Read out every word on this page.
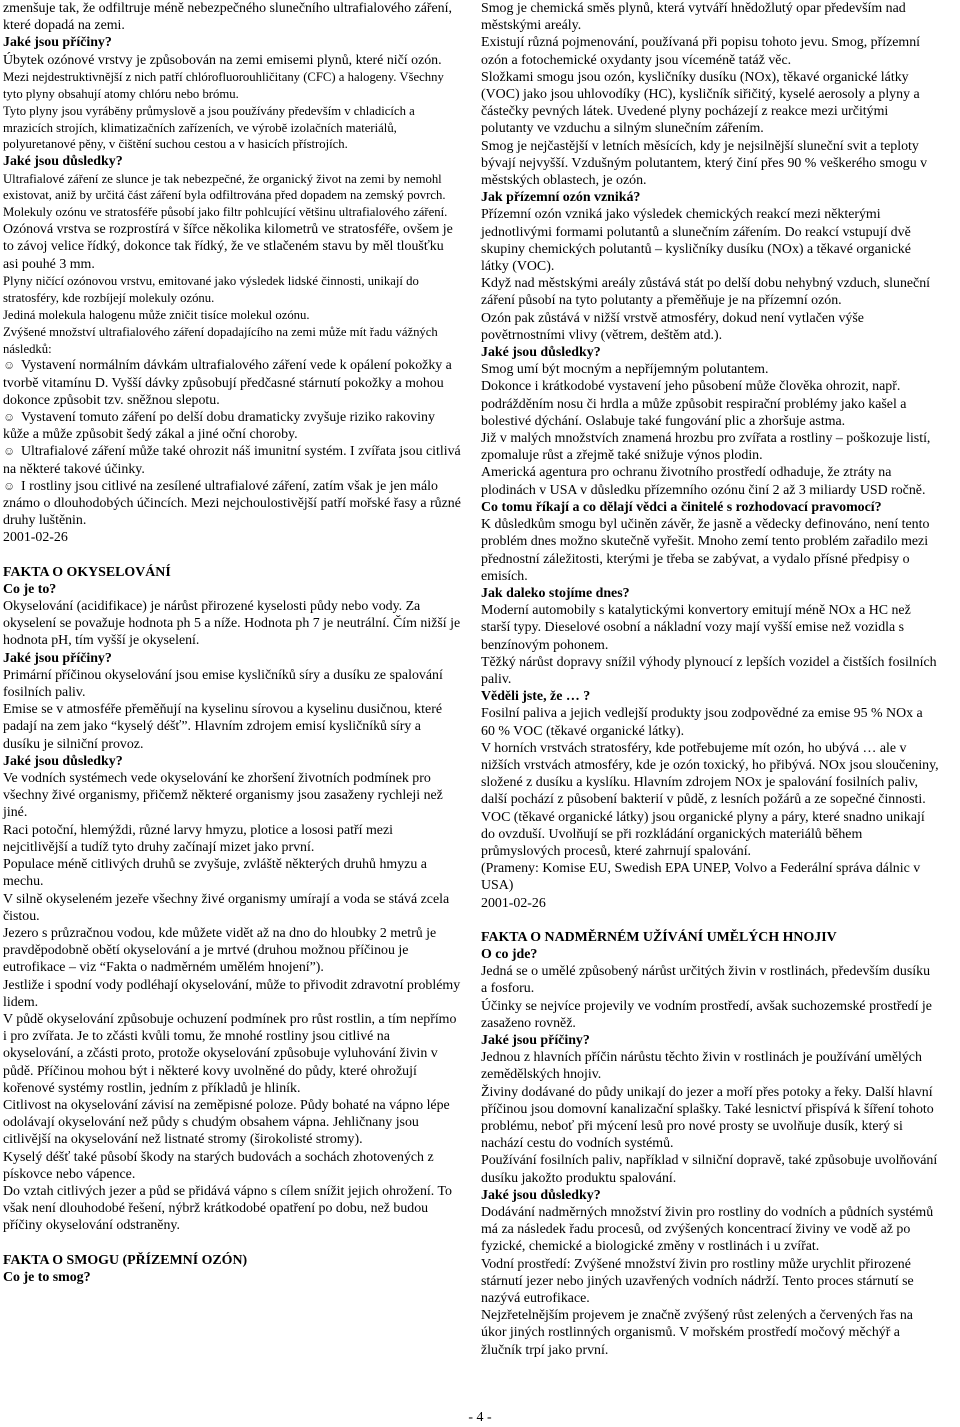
zmenšuje tak, že odfiltruje méně nebezpečného slunečního ultrafialového záření, které dopadá na zemi.

Jaké jsou příčiny?

Úbytek ozónové vrstvy je způsobován na zemi emisemi plynů, které ničí ozón.

Mezi nejdestruktivnější z nich patří chlórofluorouhličitany (CFC) a halogeny. Všechny tyto plyny obsahují atomy chlóru nebo brómu.

Tyto plyny jsou vyráběny průmyslově a jsou používány především v chladicích a mrazicích strojích, klimatizačních zařízeních, ve výrobě izolačních materiálů, polyuretanové pěny, v čištění suchou cestou a v hasicích přístrojích.

Jaké jsou důsledky?

Ultrafialové záření ze slunce je tak nebezpečné, že organický život na zemi by nemohl existovat, aniž by určitá část záření byla odfiltrována před dopadem na zemský povrch.

Molekuly ozónu ve stratosféře působí jako filtr pohlcující většinu ultrafialového záření.

Ozónová vrstva se rozprostírá v šířce několika kilometrů ve stratosféře, ovšem je to závoj velice řídký, dokonce tak řídký, že ve stlačeném stavu by měl tloušťku asi pouhé 3 mm.

Plyny ničící ozónovou vrstvu, emitované jako výsledek lidské činnosti, unikají do stratosféry, kde rozbíjejí molekuly ozónu.

Jediná molekula halogenu může zničit tisíce molekul ozónu.

Zvýšené množství ultrafialového záření dopadajícího na zemi může mít řadu vážných následků:

☺ Vystavení normálním dávkám ultrafialového záření vede k opálení pokožky a tvorbě vitamínu D. Vyšší dávky způsobují předčasné stárnutí pokožky a mohou dokonce způsobit tzv. sněžnou slepotu.

☺ Vystavení tomuto záření po delší dobu dramaticky zvyšuje riziko rakoviny kůže a může způsobit šedý zákal a jiné oční choroby.

☺ Ultrafialové záření může také ohrozit náš imunitní systém. I zvířata jsou citlivá na některé takové účinky.

☺ I rostliny jsou citlivé na zesílené ultrafialové záření, zatím však je jen málo známo o dlouhodobých účincích. Mezi nejchoulostivější patří mořské řasy a různé druhy luštěnin.

2001-02-26

FAKTA O OKYSELOVÁNÍ

Co je to?

Okyselování (acidifikace) je nárůst přirozené kyselosti půdy nebo vody. Za okyselení se považuje hodnota ph 5 a níže. Hodnota ph 7 je neutrální. Čím nižší je hodnota pH, tím vyšší je okyselení.

Jaké jsou příčiny?

Primární příčinou okyselování jsou emise kysličníků síry a dusíku ze spalování fosilních paliv.

Emise se v atmosféře přeměňují na kyselinu sírovou a kyselinu dusičnou, které padají na zem jako “kyselý déšť”. Hlavním zdrojem emisí kysličníků síry a dusíku je silniční provoz.

Jaké jsou důsledky?

Ve vodních systémech vede okyselování ke zhoršení životních podmínek pro všechny živé organismy, přičemž některé organismy jsou zasaženy rychleji než jiné.

Raci potoční, hlemýždi, různé larvy hmyzu, plotice a lososi patří mezi nejcitlivější a tudíž tyto druhy začínají mizet jako první.

Populace méně citlivých druhů se zvyšuje, zvláště některých druhů hmyzu a mechu.

V silně okyseleném jezeře všechny živé organismy umírají a voda se stává zcela čistou.

Jezero s průzračnou vodou, kde můžete vidět až na dno do hloubky 2 metrů je pravděpodobně obětí okyselování a je mrtvé (druhou možnou příčinou je eutrofikace – viz “Fakta o nadměrném umělém hnojení”).

Jestliže i spodní vody podléhají okyselování, může to přivodit zdravotní problémy lidem.

V půdě okyselování způsobuje ochuzení podmínek pro růst rostlin, a tím nepřímo i pro zvířata. Je to zčásti kvůli tomu, že mnohé rostliny jsou citlivé na okyselování, a zčásti proto, protože okyselování způsobuje vyluhování živin v půdě. Příčinou mohou být i některé kovy uvolněné do půdy, které ohrožují kořenové systémy rostlin, jedním z příkladů je hliník.

Citlivost na okyselování závisí na zeměpisné poloze. Půdy bohaté na vápno lépe odolávají okyselování než půdy s chudým obsahem vápna. Jehličnany jsou citlivější na okyselování než listnaté stromy (širokolisté stromy).

Kyselý déšť také působí škody na starých budovách a sochách zhotovených z pískovce nebo vápence.

Do vztah citlivých jezer a půd se přidává vápno s cílem snížit jejich ohrožení. To však není dlouhodobé řešení, nýbrž krátkodobé opatření po dobu, než budou příčiny okyselování odstraněny.

FAKTA O SMOGU (PŘÍZEMNÍ OZÓN)

Co je to smog?

Smog je chemická směs plynů, která vytváří hnědožlutý opar především nad městskými areály.

Existují různá pojmenování, používaná při popisu tohoto jevu. Smog, přízemní ozón a fotochemické oxydanty jsou víceméně tatáž věc.

Složkami smogu jsou ozón, kysličníky dusíku (NOx), těkavé organické látky (VOC) jako jsou uhlovodíky (HC), kysličník siřičitý, kyselé aerosoly a plyny a částečky pevných látek. Uvedené plyny pocházejí z reakce mezi určitými polutanty ve vzduchu a silným slunečním zářením.

Smog je nejčastější v letních měsících, kdy je nejsilnější sluneční svit a teploty bývají nejvyšší. Vzdušným polutantem, který činí přes 90 % veškerého smogu v městských oblastech, je ozón.

Jak přízemní ozón vzniká?

Přízemní ozón vzniká jako výsledek chemických reakcí mezi některými jednotlivými formami polutantů a slunečním zářením. Do reakcí vstupují dvě skupiny chemických polutantů – kysličníky dusíku (NOx) a těkavé organické látky (VOC).

Když nad městskými areály zůstává stát po delší dobu nehybný vzduch, sluneční záření působí na tyto polutanty a přeměňuje je na přízemní ozón.

Ozón pak zůstává v nižší vrstvě atmosféry, dokud není vytlačen výše povětrnostními vlivy (větrem, deštěm atd.).

Jaké jsou důsledky?

Smog umí být mocným a nepříjemným polutantem.

Dokonce i krátkodobé vystavení jeho působení může člověka ohrozit, např. podrážděním nosu či hrdla a může způsobit respirační problémy jako kašel a bolestivé dýchání. Oslabuje také fungování plic a zhoršuje astma.

Již v malých množstvích znamená hrozbu pro zvířata a rostliny – poškozuje listí, zpomaluje růst a zřejmě také snižuje výnos plodin.

Americká agentura pro ochranu životního prostředí odhaduje, že ztráty na plodinách v USA v důsledku přízemního ozónu činí 2 až 3 miliardy USD ročně.

Co tomu říkají a co dělají vědci a činitelé s rozhodovací pravomocí?

K důsledkům smogu byl učiněn závěr, že jasně a vědecky definováno, není tento problém dnes možno skutečně vyřešit. Mnoho zemí tento problém zařadilo mezi přednostní záležitosti, kterými je třeba se zabývat, a vydalo přísné předpisy o emisích.

Jak daleko stojíme dnes?

Moderní automobily s katalytickými konvertory emitují méně NOx a HC než starší typy. Dieselové osobní a nákladní vozy mají vyšší emise než vozidla s benzínovým pohonem.

Těžký nárůst dopravy snížil výhody plynoucí z lepších vozidel a čistších fosilních paliv.

Věděli jste, že … ?

Fosilní paliva a jejich vedlejší produkty jsou zodpovědné za emise 95 % NOx a 60 % VOC (těkavé organické látky).

V horních vrstvách stratosféry, kde potřebujeme mít ozón, ho ubývá … ale v nižších vrstvách atmosféry, kde je ozón toxický, ho přibývá. NOx jsou sloučeniny, složené z dusíku a kyslíku. Hlavním zdrojem NOx je spalování fosilních paliv, další pochází z působení bakterií v půdě, z lesních požárů a ze sopečné činnosti.

VOC (těkavé organické látky) jsou organické plyny a páry, které snadno unikají do ovzduší. Uvolňují se při rozkládání organických materiálů během průmyslových procesů, které zahrnují spalování.

(Prameny: Komise EU, Swedish EPA UNEP, Volvo a Federální správa dálnic v USA)

2001-02-26

FAKTA O NADMĚRNÉM UŽÍVÁNÍ UMĚLÝCH HNOJIV

O co jde?

Jedná se o umělé způsobený nárůst určitých živin v rostlinách, především dusíku a fosforu.

Účinky se nejvíce projevily ve vodním prostředí, avšak suchozemské prostředí je zasaženo rovněž.

Jaké jsou příčiny?

Jednou z hlavních příčin nárůstu těchto živin v rostlinách je používání umělých zemědělských hnojiv.

Živiny dodávané do půdy unikají do jezer a moří přes potoky a řeky. Další hlavní příčinou jsou domovní kanalizační splašky. Také lesnictví přispívá k šíření tohoto problému, neboť při mýcení lesů pro nové prosty se uvolňuje dusík, který si nachází cestu do vodních systémů.

Používání fosilních paliv, například v silniční dopravě, také způsobuje uvolňování dusíku jakožto produktu spalování.

Jaké jsou důsledky?

Dodávání nadměrných množství živin pro rostliny do vodních a půdních systémů má za následek řadu procesů, od zvýšených koncentrací živiny ve vodě až po fyzické, chemické a biologické změny v rostlinách i u zvířat.

Vodní prostředí: Zvýšené množství živin pro rostliny může urychlit přirozené stárnutí jezer nebo jiných uzavřených vodních nádrží. Tento proces stárnutí se nazývá eutrofikace.

Nejzřetelnějším projevem je značně zvýšený růst zelených a červených řas na úkor jiných rostlinných organismů. V mořském prostředí močový měchýř a žlučník trpí jako první.

- 4 -
